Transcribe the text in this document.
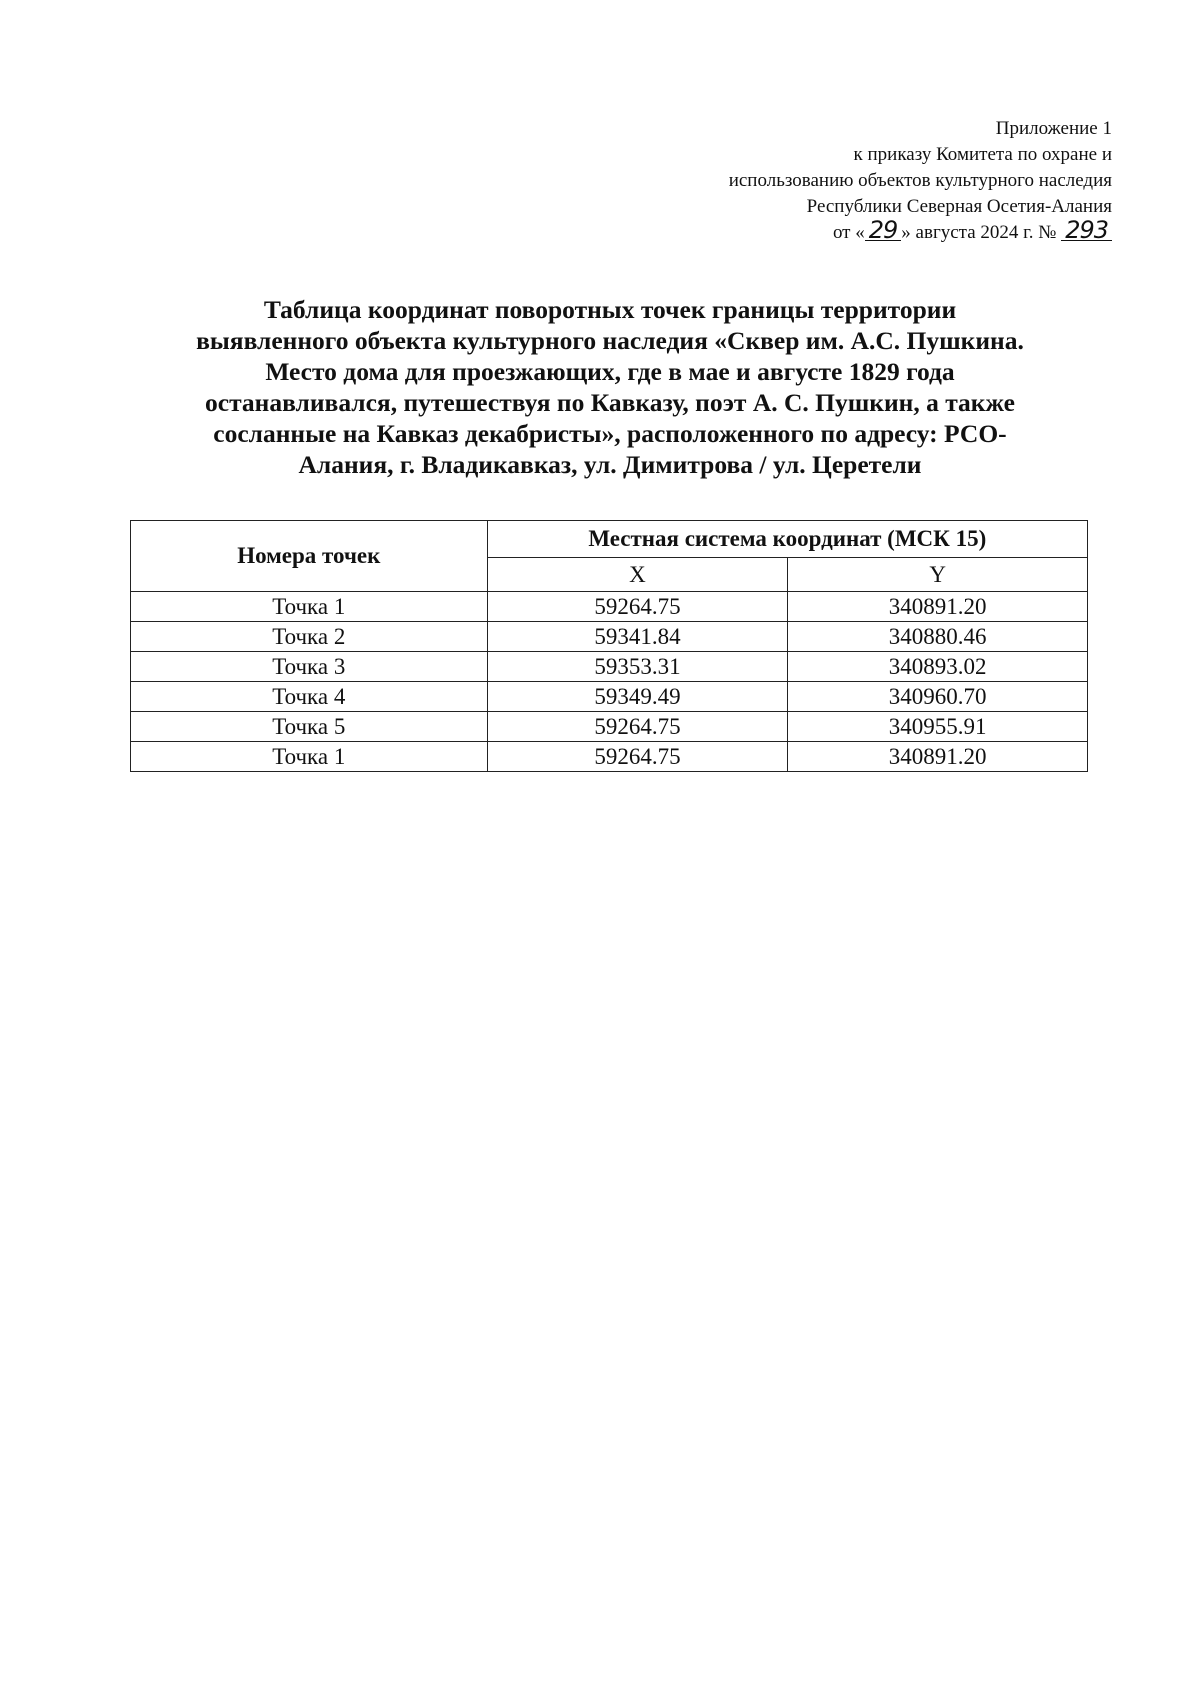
Приложение 1
к приказу Комитета по охране и
использованию объектов культурного наследия
Республики Северная Осетия-Алания
от « 29 » августа 2024 г. № 293
Таблица координат поворотных точек границы территории
выявленного объекта культурного наследия «Сквер им. А.С. Пушкина.
Место дома для проезжающих, где в мае и августе 1829 года
останавливался, путешествуя по Кавказу, поэт А. С. Пушкин, а также
сосланные на Кавказ декабристы», расположенного по адресу: РСО-
Алания, г. Владикавказ, ул. Димитрова / ул. Церетели
Номера точек	Местная система координат (МСК 15)	
	X	Y
Точка 1	59264.75	340891.20
Точка 2	59341.84	340880.46
Точка 3	59353.31	340893.02
Точка 4	59349.49	340960.70
Точка 5	59264.75	340955.91
Точка 1	59264.75	340891.20
